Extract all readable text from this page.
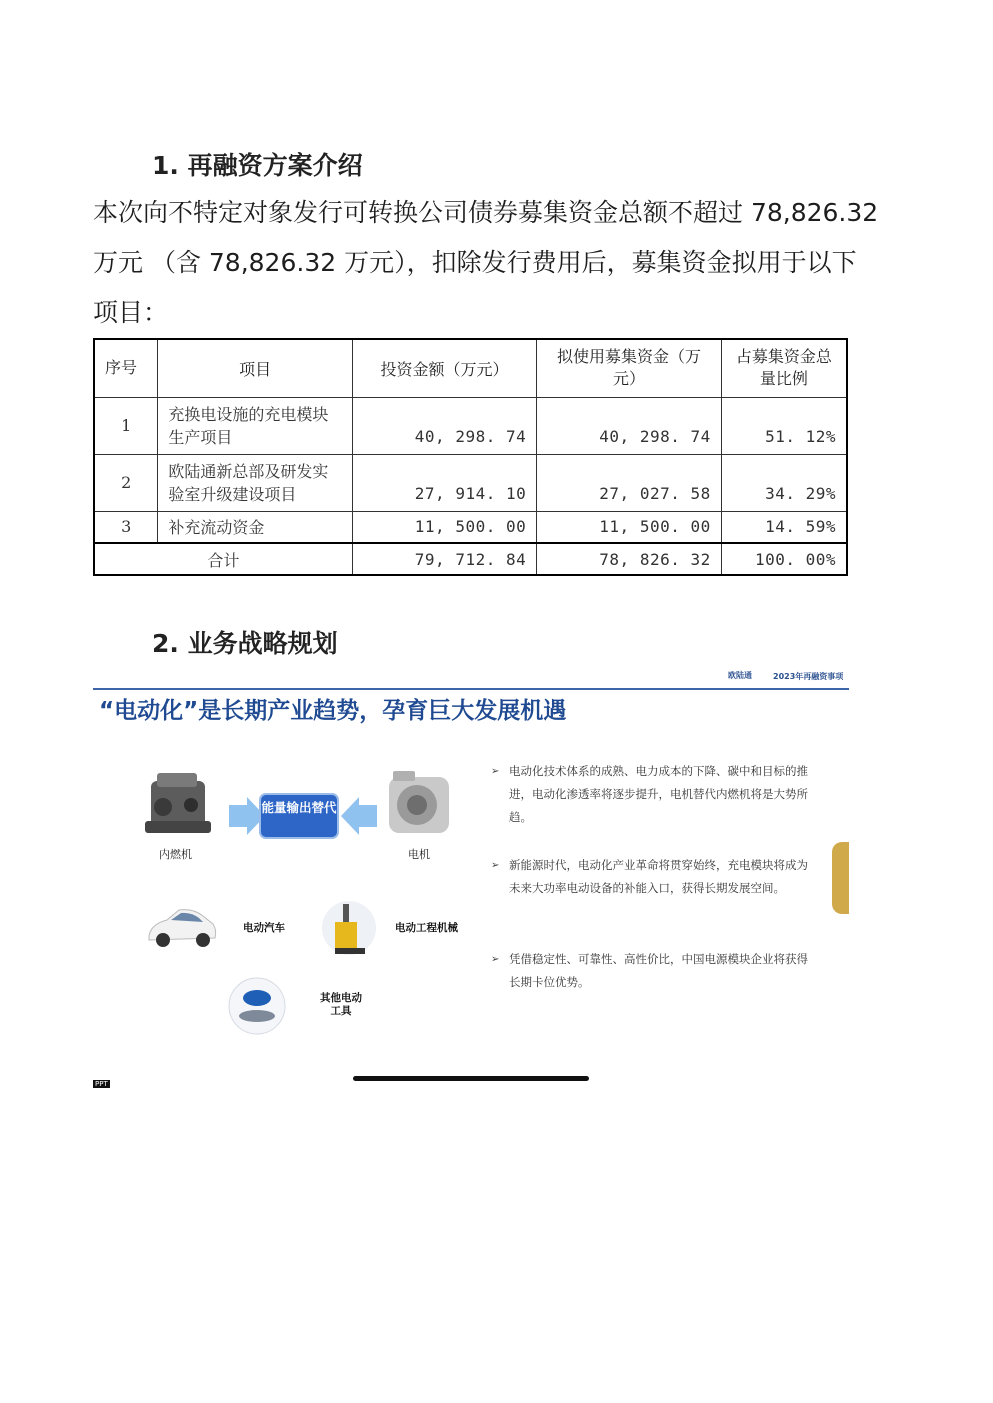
1. 再融资方案介绍
本次向不特定对象发行可转换公司债券募集资金总额不超过 78,826.32
万元 （含 78,826.32 万元），扣除发行费用后，募集资金拟用于以下
项目：
序号	项目	投资金额（万元）	拟使用募集资金（万元）	占募集资金总量比例
1	充换电设施的充电模块生产项目	40, 298. 74	40, 298. 74	51. 12%
2	欧陆通新总部及研发实验室升级建设项目	27, 914. 10	27, 027. 58	34. 29%
3	补充流动资金	11, 500. 00	11, 500. 00	14. 59%
合计		79, 712. 84	78, 826. 32	100. 00%
2. 业务战略规划
欧陆通	2023年再融资事项
“电动化”是长期产业趋势，孕育巨大发展机遇
内燃机
能量输出替代
电机
电动汽车	电动工程机械
其他电动工具
➢ 电动化技术体系的成熟、电力成本的下降、碳中和目标的推进，电动化渗透率将逐步提升，电机替代内燃机将是大势所趋。
➢ 新能源时代，电动化产业革命将贯穿始终，充电模块将成为未来大功率电动设备的补能入口，获得长期发展空间。
➢ 凭借稳定性、可靠性、高性价比，中国电源模块企业将获得长期卡位优势。
PPT
